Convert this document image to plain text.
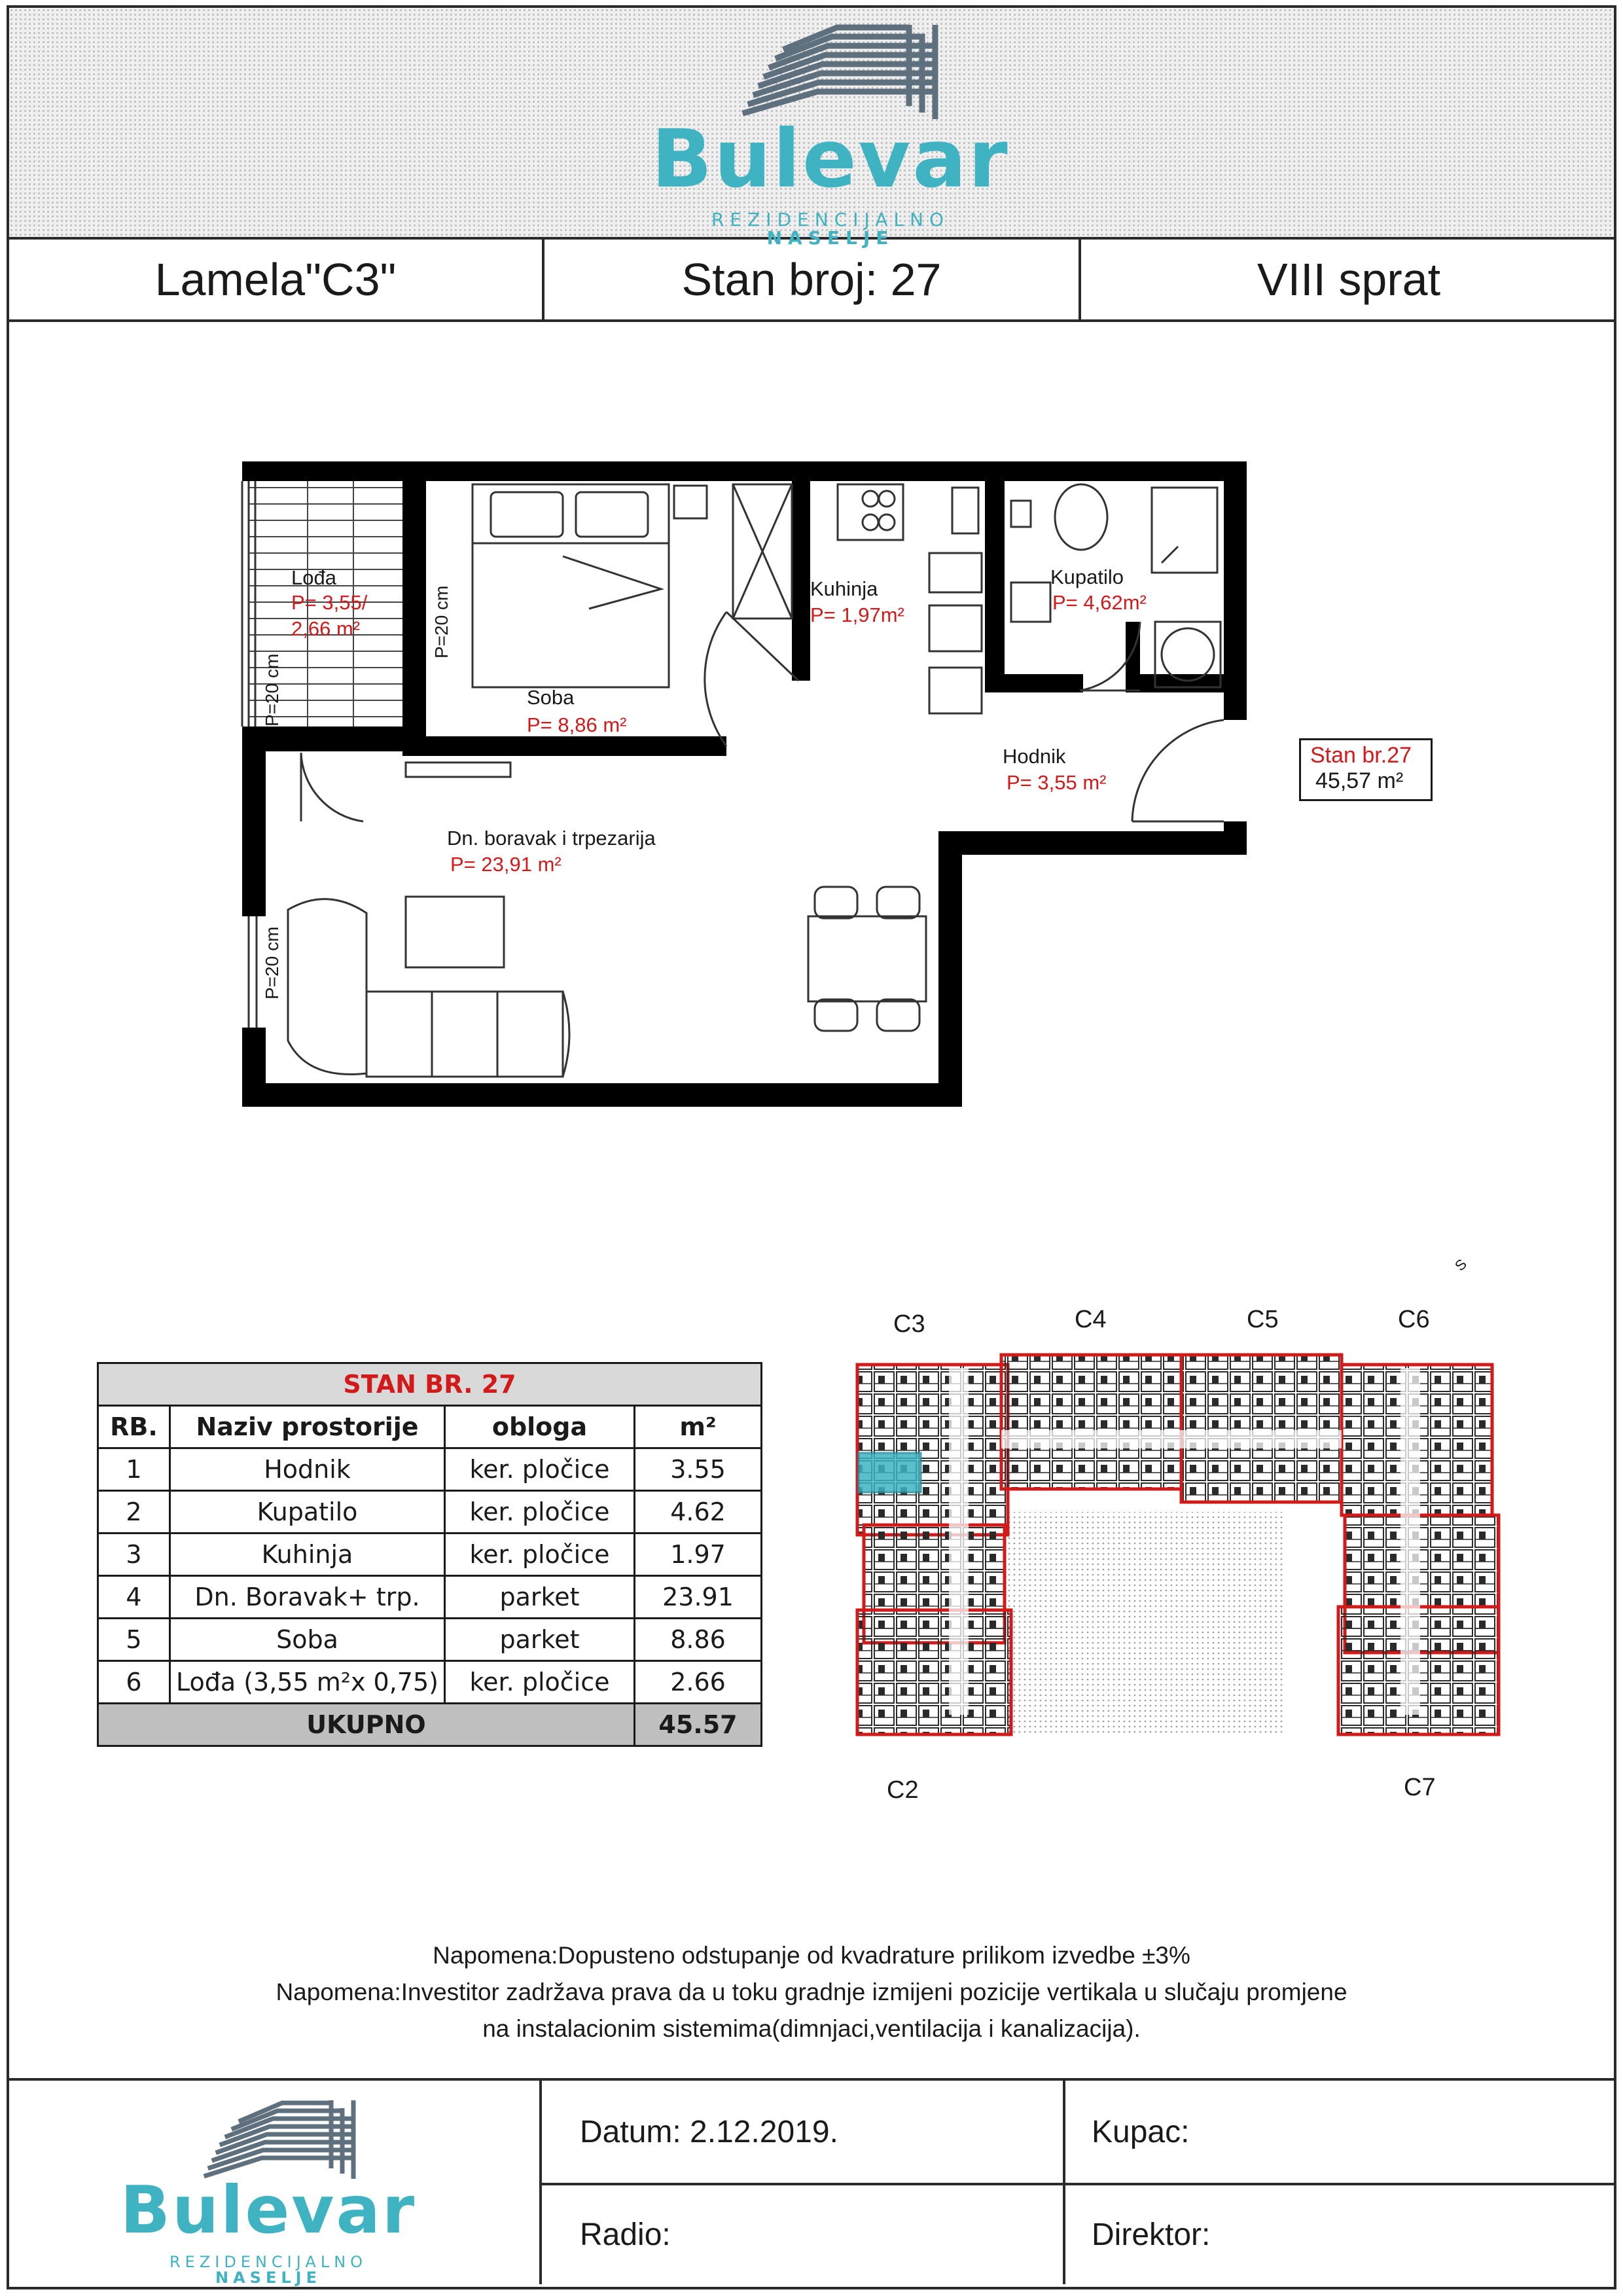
Bulevar
REZIDENCIJALNO NASELJE
Lamela"C3"	Stan broj: 27	VIII sprat
Lođa
P= 3,55/
2,66 m²
Soba
P= 8,86 m²
Kuhinja
P= 1,97m²
Kupatilo
P= 4,62m²
Hodnik
P= 3,55 m²
Dn. boravak i trpezarija
P= 23,91 m²
P=20 cm
P=20 cm
P=20 cm
Stan br.27
45,57 m²
STAN BR. 27			
RB.	Naziv prostorije	obloga	m²
1	Hodnik	ker. pločice	3.55
2	Kupatilo	ker. pločice	4.62
3	Kuhinja	ker. pločice	1.97
4	Dn. Boravak+ trp.	parket	23.91
5	Soba	parket	8.86
6	Lođa (3,55 m²x 0,75)	ker. pločice	2.66
UKUPNO			45.57
S
C3	C4	C5	C6
C2	C7

Napomena:Dopusteno odstupanje od kvadrature prilikom izvedbe ±3%

Napomena:Investitor zadržava prava da u toku gradnje izmijeni pozicije vertikala u slučaju promjene

na instalacionim sistemima(dimnjaci,ventilacija i kanalizacija).

Bulevar
REZIDENCIJALNO NASELJE
Datum: 2.12.2019.	Kupac:
Radio:	Direktor:
